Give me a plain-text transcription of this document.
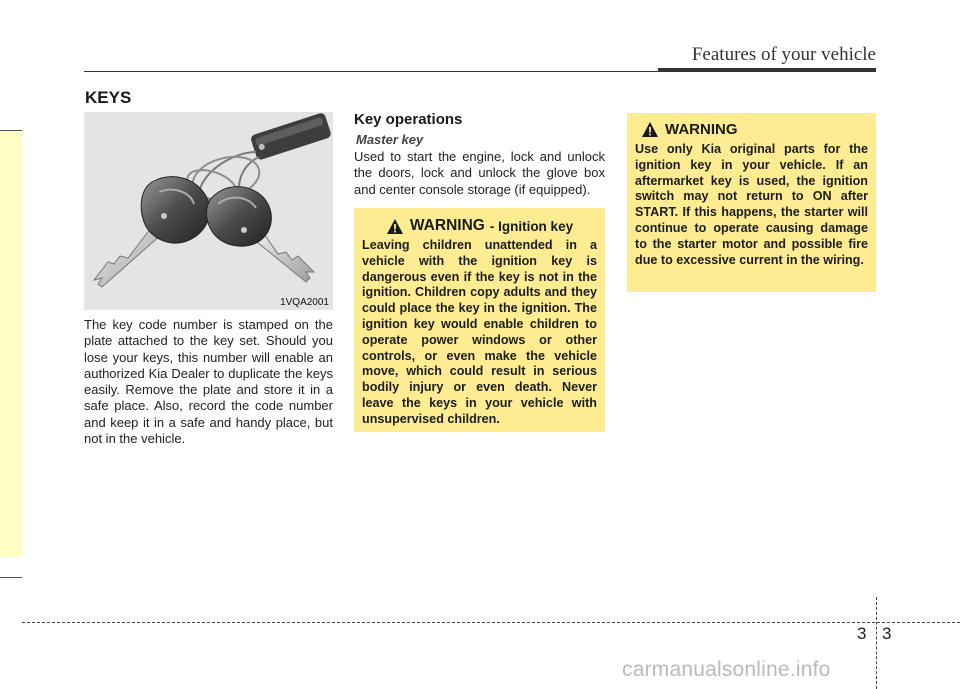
Features of your vehicle
KEYS
1VQA2001
The key code number is stamped on the plate attached to the key set. Should you lose your keys, this number will enable an authorized Kia Dealer to duplicate the keys easily. Remove the plate and store it in a safe place. Also, record the code number and keep it in a safe and handy place, but not in the vehicle.
Key operations
Master key
Used to start the engine, lock and unlock the doors, lock and unlock the glove box and center console storage (if equipped).
WARNING - Ignition key
Leaving children unattended in a vehicle with the ignition key is dangerous even if the key is not in the ignition. Children copy adults and they could place the key in the ignition. The ignition key would enable children to operate power windows or other controls, or even make the vehicle move, which could result in serious bodily injury or even death. Never leave the keys in your vehicle with unsupervised children.
WARNING
Use only Kia original parts for the ignition key in your vehicle. If an aftermarket key is used, the ignition switch may not return to ON after START. If this happens, the starter will continue to operate causing damage to the starter motor and possible fire due to excessive current in the wiring.
3 3
carmanualsonline.info
